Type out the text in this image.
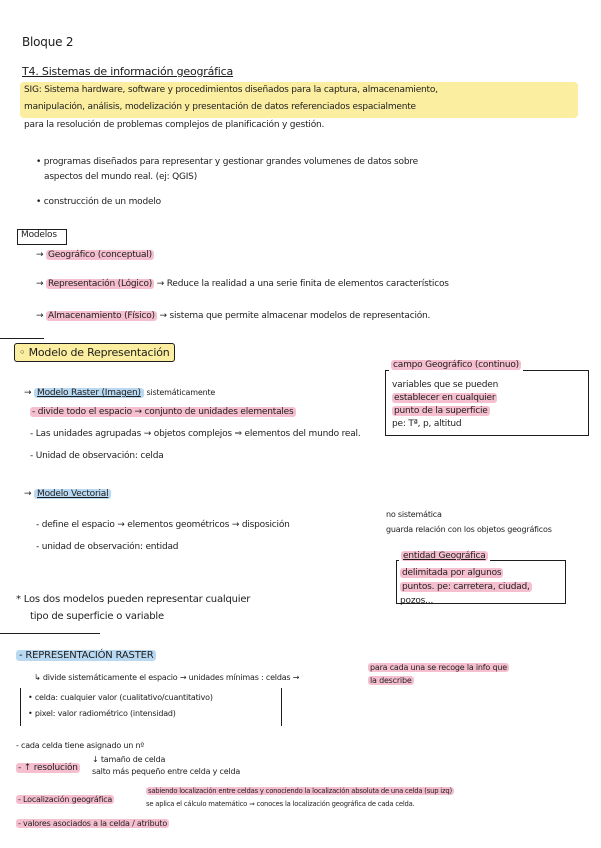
Bloque 2
T4. Sistemas de información geográfica
SIG: Sistema hardware, software y procedimientos diseñados para la captura, almacenamiento,
manipulación, análisis, modelización y presentación de datos referenciados espacialmente
para la resolución de problemas complejos de planificación y gestión.
• programas diseñados para representar y gestionar grandes volumenes de datos sobre
aspectos del mundo real. (ej: QGIS)
• construcción de un modelo
Modelos
→ Geográfico (conceptual)
→ Representación (Lógico) → Reduce la realidad a una serie finita de elementos característicos
→ Almacenamiento (Físico) → sistema que permite almacenar modelos de representación.
◦ Modelo de Representación
campo Geográfico (continuo)
variables que se pueden
establecer en cualquier
punto de la superficie
pe: Tª, p, altitud
→ Modelo Raster (Imagen) sistemáticamente
- divide todo el espacio → conjunto de unidades elementales
- Las unidades agrupadas → objetos complejos ⇒ elementos del mundo real.
- Unidad de observación: celda
→ Modelo Vectorial
- define el espacio → elementos geométricos → disposición
no sistemática
guarda relación con los objetos geográficos
- unidad de observación: entidad
entidad Geográfica
delimitada por algunos
puntos. pe: carretera, ciudad,
pozos...
* Los dos modelos pueden representar cualquier
tipo de superficie o variable
- REPRESENTACIÓN RASTER
↳ divide sistemáticamente el espacio → unidades mínimas : celdas →
para cada una se recoge la info que
la describe
• celda: cualquier valor (cualitativo/cuantitativo)
• pixel: valor radiométrico (intensidad)
- cada celda tiene asignado un nº
- ↑ resolución
↓ tamaño de celda
salto más pequeño entre celda y celda
- Localización geográfica
sabiendo localización entre celdas y conociendo la localización absoluta de una celda (sup izq)
se aplica el cálculo matemático ⇒ conoces la localización geográfica de cada celda.
- valores asociados a la celda / atributo
